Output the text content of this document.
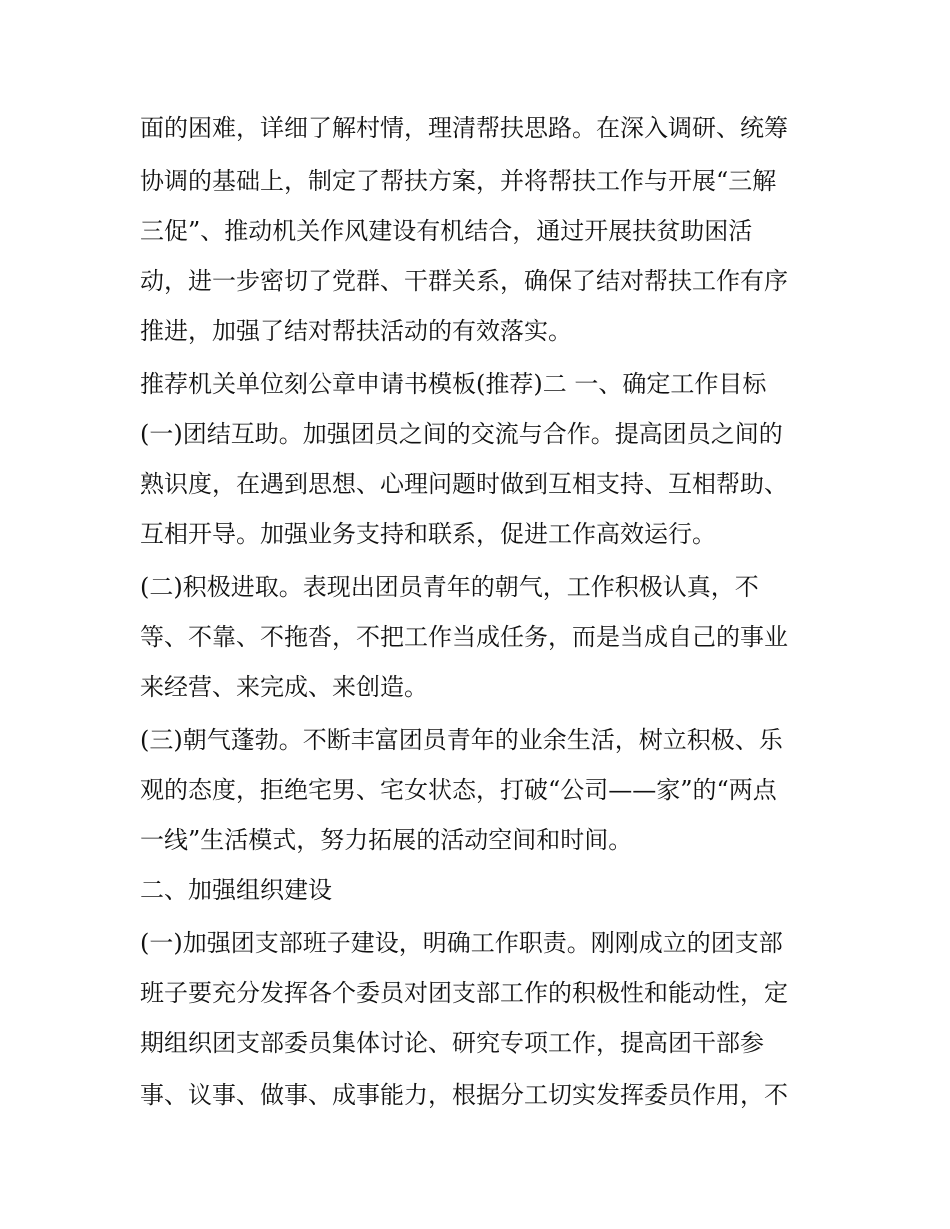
面的困难，详细了解村情，理清帮扶思路。在深入调研、统筹

协调的基础上，制定了帮扶方案，并将帮扶工作与开展“三解

三促”、推动机关作风建设有机结合，通过开展扶贫助困活

动，进一步密切了党群、干群关系，确保了结对帮扶工作有序

推进，加强了结对帮扶活动的有效落实。

推荐机关单位刻公章申请书模板(推荐)二 一、确定工作目标

(一)团结互助。加强团员之间的交流与合作。提高团员之间的

熟识度，在遇到思想、心理问题时做到互相支持、互相帮助、

互相开导。加强业务支持和联系，促进工作高效运行。

(二)积极进取。表现出团员青年的朝气，工作积极认真，不

等、不靠、不拖沓，不把工作当成任务，而是当成自己的事业

来经营、来完成、来创造。

(三)朝气蓬勃。不断丰富团员青年的业余生活，树立积极、乐

观的态度，拒绝宅男、宅女状态，打破“公司——家”的“两点

一线”生活模式，努力拓展的活动空间和时间。

二、加强组织建设

(一)加强团支部班子建设，明确工作职责。刚刚成立的团支部

班子要充分发挥各个委员对团支部工作的积极性和能动性，定

期组织团支部委员集体讨论、研究专项工作，提高团干部参

事、议事、做事、成事能力，根据分工切实发挥委员作用，不
